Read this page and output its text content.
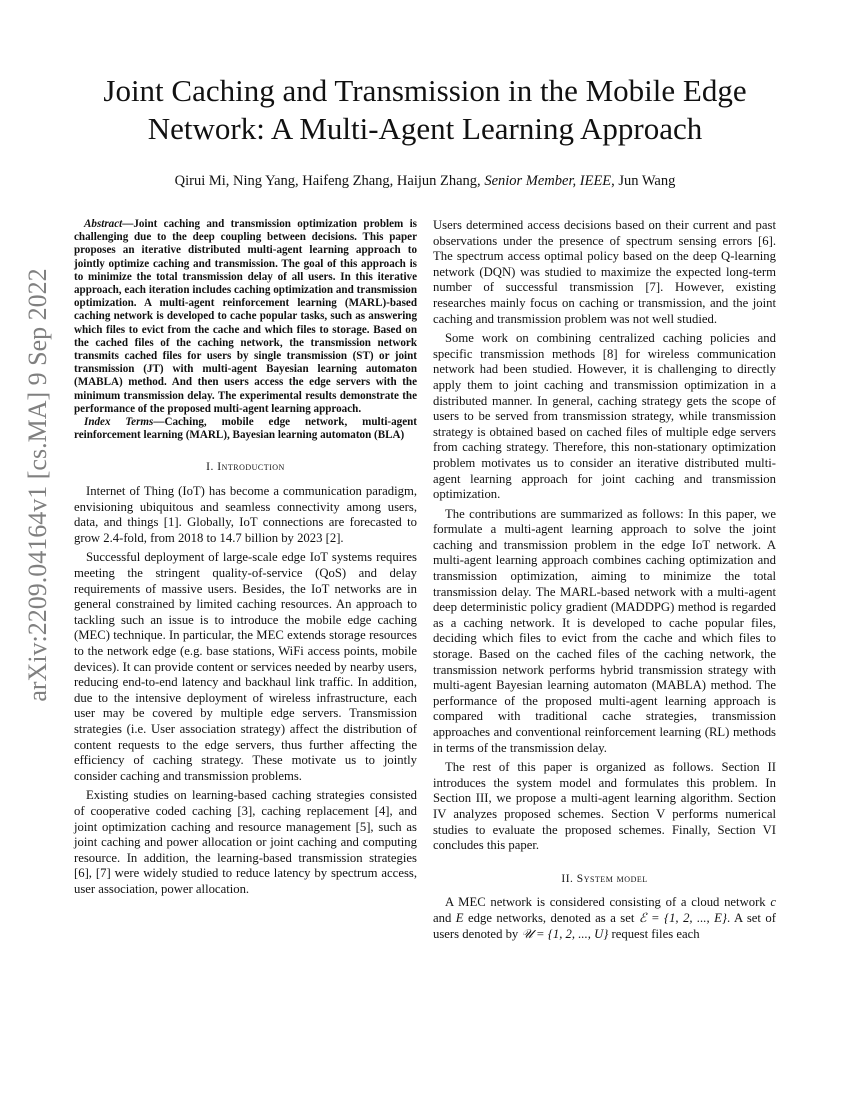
arXiv:2209.04164v1 [cs.MA] 9 Sep 2022
Joint Caching and Transmission in the Mobile Edge
Network: A Multi-Agent Learning Approach
Qirui Mi, Ning Yang, Haifeng Zhang, Haijun Zhang, Senior Member, IEEE, Jun Wang

Abstract—Joint caching and transmission optimization problem is challenging due to the deep coupling between decisions. This paper proposes an iterative distributed multi-agent learning approach to jointly optimize caching and transmission. The goal of this approach is to minimize the total transmission delay of all users. In this iterative approach, each iteration includes caching optimization and transmission optimization. A multi-agent reinforcement learning (MARL)-based caching network is developed to cache popular tasks, such as answering which files to evict from the cache and which files to storage. Based on the cached files of the caching network, the transmission network transmits cached files for users by single transmission (ST) or joint transmission (JT) with multi-agent Bayesian learning automaton (MABLA) method. And then users access the edge servers with the minimum transmission delay. The experimental results demonstrate the performance of the proposed multi-agent learning approach.

Index Terms—Caching, mobile edge network, multi-agent reinforcement learning (MARL), Bayesian learning automaton (BLA)

I. Introduction

Internet of Thing (IoT) has become a communication paradigm, envisioning ubiquitous and seamless connectivity among users, data, and things [1]. Globally, IoT connections are forecasted to grow 2.4-fold, from 2018 to 14.7 billion by 2023 [2].

Successful deployment of large-scale edge IoT systems requires meeting the stringent quality-of-service (QoS) and delay requirements of massive users. Besides, the IoT networks are in general constrained by limited caching resources. An approach to tackling such an issue is to introduce the mobile edge caching (MEC) technique. In particular, the MEC extends storage resources to the network edge (e.g. base stations, WiFi access points, mobile devices). It can provide content or services needed by nearby users, reducing end-to-end latency and backhaul link traffic. In addition, due to the intensive deployment of wireless infrastructure, each user may be covered by multiple edge servers. Transmission strategies (i.e. User association strategy) affect the distribution of content requests to the edge servers, thus further affecting the efficiency of caching strategy. These motivate us to jointly consider caching and transmission problems.

Existing studies on learning-based caching strategies consisted of cooperative coded caching [3], caching replacement [4], and joint optimization caching and resource management [5], such as joint caching and power allocation or joint caching and computing resource. In addition, the learning-based transmission strategies [6], [7] were widely studied to reduce latency by spectrum access, user association, power allocation.

Users determined access decisions based on their current and past observations under the presence of spectrum sensing errors [6]. The spectrum access optimal policy based on the deep Q-learning network (DQN) was studied to maximize the expected long-term number of successful transmission [7]. However, existing researches mainly focus on caching or transmission, and the joint caching and transmission problem was not well studied.

Some work on combining centralized caching policies and specific transmission methods [8] for wireless communication network had been studied. However, it is challenging to directly apply them to joint caching and transmission optimization in a distributed manner. In general, caching strategy gets the scope of users to be served from transmission strategy, while transmission strategy is obtained based on cached files of multiple edge servers from caching strategy. Therefore, this non-stationary optimization problem motivates us to consider an iterative distributed multi-agent learning approach for joint caching and transmission optimization.

The contributions are summarized as follows: In this paper, we formulate a multi-agent learning approach to solve the joint caching and transmission problem in the edge IoT network. A multi-agent learning approach combines caching optimization and transmission optimization, aiming to minimize the total transmission delay. The MARL-based network with a multi-agent deep deterministic policy gradient (MADDPG) method is regarded as a caching network. It is developed to cache popular files, deciding which files to evict from the cache and which files to storage. Based on the cached files of the caching network, the transmission network performs hybrid transmission strategy with multi-agent Bayesian learning automaton (MABLA) method. The performance of the proposed multi-agent learning approach is compared with traditional cache strategies, transmission approaches and conventional reinforcement learning (RL) methods in terms of the transmission delay.

The rest of this paper is organized as follows. Section II introduces the system model and formulates this problem. In Section III, we propose a multi-agent learning algorithm. Section IV analyzes proposed schemes. Section V performs numerical studies to evaluate the proposed schemes. Finally, Section VI concludes this paper.

II. System model

A MEC network is considered consisting of a cloud network c and E edge networks, denoted as a set ℰ = {1, 2, ..., E}. A set of users denoted by 𝒰 = {1, 2, ..., U} request files each
